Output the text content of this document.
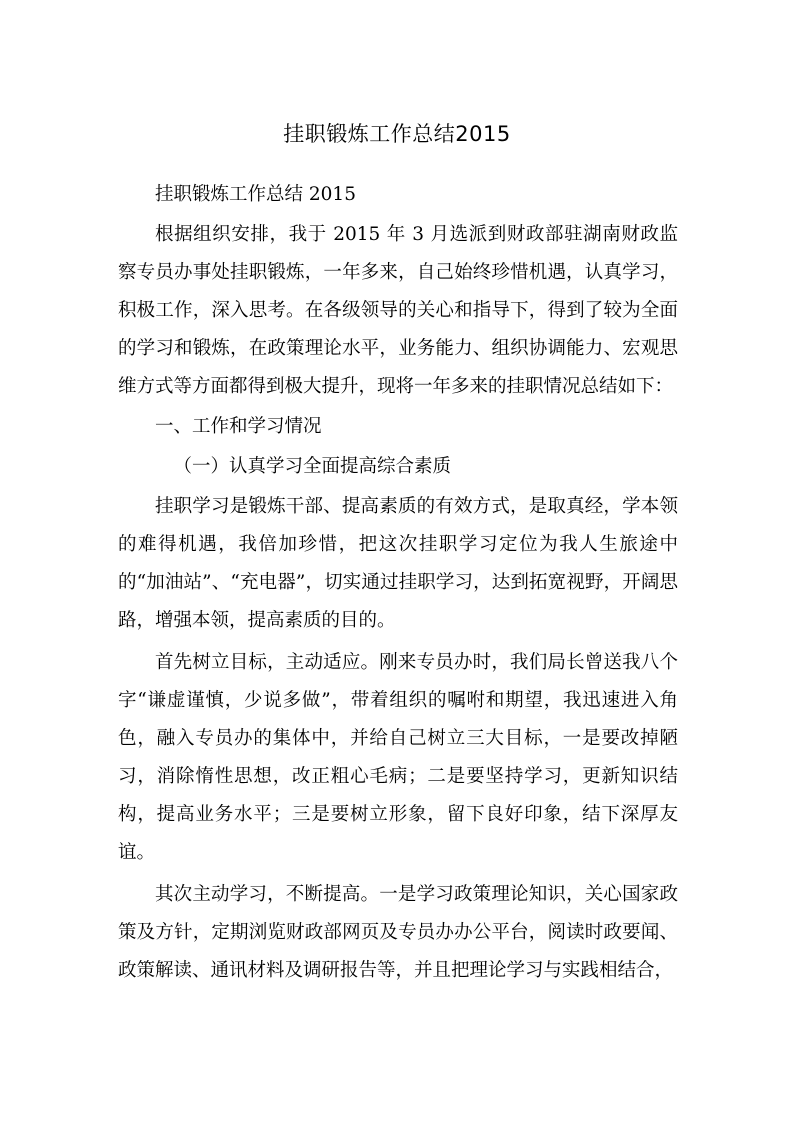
挂职锻炼工作总结2015

挂职锻炼工作总结 2015

根据组织安排，我于 2015 年 3 月选派到财政部驻湖南财政监察专员办事处挂职锻炼，一年多来，自己始终珍惜机遇，认真学习，积极工作，深入思考。在各级领导的关心和指导下，得到了较为全面的学习和锻炼，在政策理论水平，业务能力、组织协调能力、宏观思维方式等方面都得到极大提升，现将一年多来的挂职情况总结如下：

一、工作和学习情况

（一）认真学习全面提高综合素质

挂职学习是锻炼干部、提高素质的有效方式，是取真经，学本领的难得机遇，我倍加珍惜，把这次挂职学习定位为我人生旅途中的“加油站”、“充电器”，切实通过挂职学习，达到拓宽视野，开阔思路，增强本领，提高素质的目的。

首先树立目标，主动适应。刚来专员办时，我们局长曾送我八个字“谦虚谨慎，少说多做”，带着组织的嘱咐和期望，我迅速进入角色，融入专员办的集体中，并给自己树立三大目标，一是要改掉陋习，消除惰性思想，改正粗心毛病；二是要坚持学习，更新知识结构，提高业务水平；三是要树立形象，留下良好印象，结下深厚友谊。

其次主动学习，不断提高。一是学习政策理论知识，关心国家政策及方针，定期浏览财政部网页及专员办办公平台，阅读时政要闻、政策解读、通讯材料及调研报告等，并且把理论学习与实践相结合，
